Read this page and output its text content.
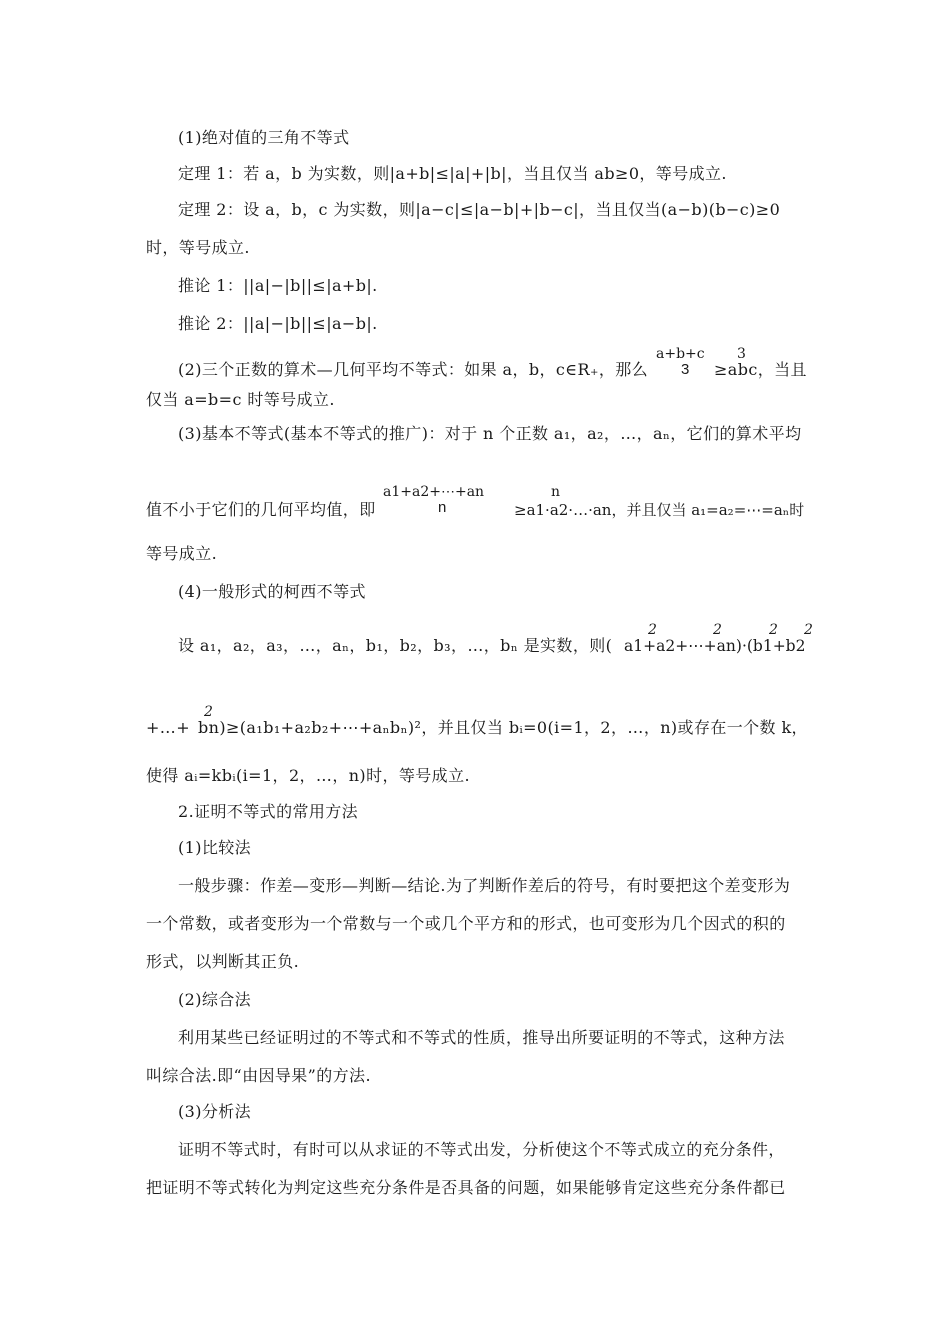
(1)绝对值的三角不等式
定理 1：若 a，b 为实数，则|a+b|≤|a|+|b|，当且仅当 ab≥0，等号成立.
定理 2：设 a，b，c 为实数，则|a−c|≤|a−b|+|b−c|，当且仅当(a−b)(b−c)≥0
时，等号成立.
推论 1：||a|−|b||≤|a+b|.
推论 2：||a|−|b||≤|a−b|.
(2)三个正数的算术—几何平均不等式：如果 a，b，c∈R₊，那么
a+b+c
3
3
≥abc，当且
仅当 a=b=c 时等号成立.
(3)基本不等式(基本不等式的推广)：对于 n 个正数 a₁，a₂，…，aₙ，它们的算术平均
a1+a2+⋯+an
n
n
值不小于它们的几何平均值，即	≥a1·a2·…·an，并且仅当 a₁=a₂=⋯=aₙ时
等号成立.
(4)一般形式的柯西不等式
2	2	2 2
设 a₁，a₂，a₃，…，aₙ，b₁，b₂，b₃，…，bₙ 是实数，则( a1+a2+⋯+an)·(b1+b2
2
+…+ bn)≥(a₁b₁+a₂b₂+⋯+aₙbₙ)²，并且仅当 bᵢ=0(i=1，2，…，n)或存在一个数 k，
使得 aᵢ=kbᵢ(i=1，2，…，n)时，等号成立.
2.证明不等式的常用方法
(1)比较法
一般步骤：作差—变形—判断—结论.为了判断作差后的符号，有时要把这个差变形为
一个常数，或者变形为一个常数与一个或几个平方和的形式，也可变形为几个因式的积的
形式，以判断其正负.
(2)综合法
利用某些已经证明过的不等式和不等式的性质，推导出所要证明的不等式，这种方法
叫综合法.即“由因导果”的方法.
(3)分析法
证明不等式时，有时可以从求证的不等式出发，分析使这个不等式成立的充分条件，
把证明不等式转化为判定这些充分条件是否具备的问题，如果能够肯定这些充分条件都已
